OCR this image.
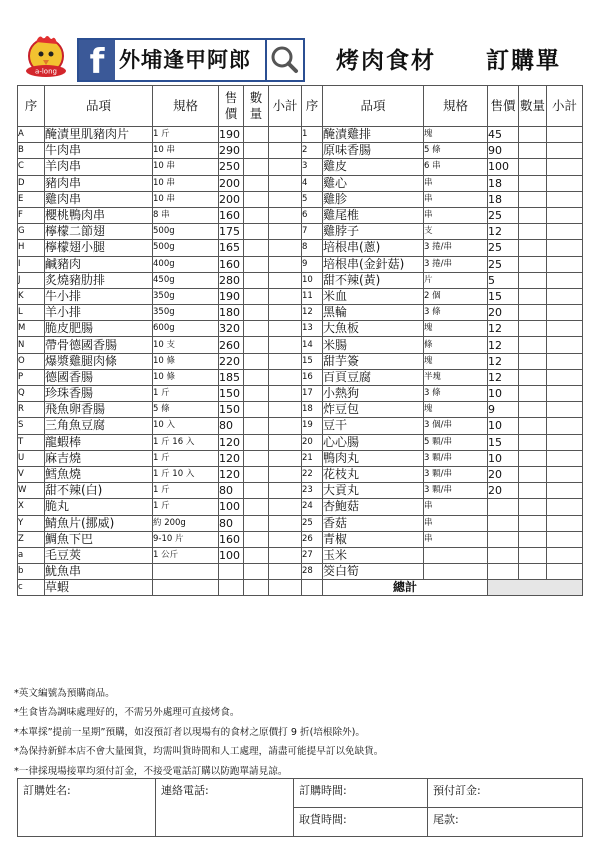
a-long f 外埔逢甲阿郎	烤肉食材　　訂購單
序	品項	規格	售價	數量	小計	序	品項	規格	售價	數量	小計
A	醃漬里肌豬肉片	1 斤	190			1	醃漬雞排	塊	45		
B	牛肉串	10 串	290			2	原味香腸	5 條	90		
C	羊肉串	10 串	250			3	雞皮	6 串	100		
D	豬肉串	10 串	200			4	雞心	串	18		
E	雞肉串	10 串	200			5	雞胗	串	18		
F	櫻桃鴨肉串	8 串	160			6	雞尾椎	串	25		
G	檸檬二節翅	500g	175			7	雞脖子	支	12		
H	檸檬翅小腿	500g	165			8	培根串(蔥)	3 捲/串	25		
I	鹹豬肉	400g	160			9	培根串(金針菇)	3 捲/串	25		
J	炙燒豬肋排	450g	280			10	甜不辣(黃)	片	5		
K	牛小排	350g	190			11	米血	2 個	15		
L	羊小排	350g	180			12	黑輪	3 條	20		
M	脆皮肥腸	600g	320			13	大魚板	塊	12		
N	帶骨德國香腸	10 支	260			14	米腸	條	12		
O	爆漿雞腿肉條	10 條	220			15	甜芋簽	塊	12		
P	德國香腸	10 條	185			16	百頁豆腐	半塊	12		
Q	珍珠香腸	1 斤	150			17	小熱狗	3 條	10		
R	飛魚卵香腸	5 條	150			18	炸豆包	塊	9		
S	三角魚豆腐	10 入	80			19	豆干	3 個/串	10		
T	龍蝦棒	1 斤 16 入	120			20	心心腸	5 顆/串	15		
U	麻吉燒	1 斤	120			21	鴨肉丸	3 顆/串	10		
V	鱈魚燒	1 斤 10 入	120			22	花枝丸	3 顆/串	20		
W	甜不辣(白)	1 斤	80			23	大貢丸	3 顆/串	20		
X	脆丸	1 斤	100			24	杏鮑菇	串			
Y	鯖魚片(挪威)	約 200g	80			25	香菇	串			
Z	鯛魚下巴	9-10 片	160			26	青椒	串			
a	毛豆莢	1 公斤	100			27	玉米				
b	魷魚串					28	筊白筍				
c	草蝦						總計				
*英文編號為預購商品。
*生食皆為調味處理好的，不需另外處理可直接烤食。
*本單採”提前一星期”預購，如沒預訂者以現場有的食材之原價打 9 折(培根除外)。
*為保持新鮮本店不會大量囤貨，均需叫貨時間和人工處理，請盡可能提早訂以免缺貨。
*一律採現場接單均須付訂金，不接受電話訂購以防跑單請見諒。
訂購姓名:	連絡電話:	訂購時間:	預付訂金:
		取貨時間:	尾款:
